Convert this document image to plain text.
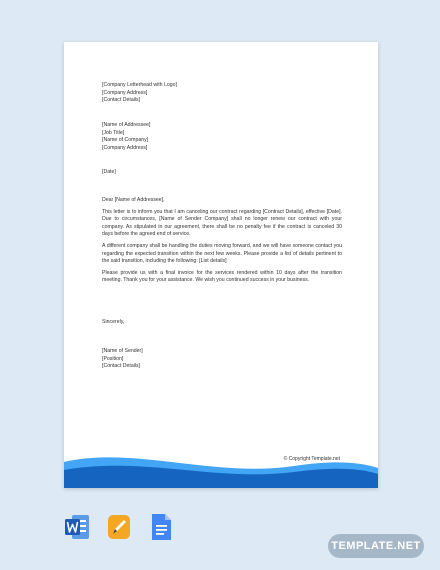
[Company Letterhead with Logo]

[Company Address]

[Contact Details]

[Name of Addressee]

[Job Title]

[Name of Company]

[Company Address]

[Date]

Dear [Name of Addressee],

This letter is to inform you that I am canceling our contract regarding [Contract Details], effective [Date]. Due to circumstances, [Name of Sender Company] shall no longer renew our contract with your company. As stipulated in our agreement, there shall be no penalty fee if the contract is canceled 30 days before the agreed end of service.

A different company shall be handling the duties moving forward, and we will have someone contact you regarding the expected transition within the next few weeks. Please provide a list of details pertinent to the said transition, including the following: [List details]

Please provide us with a final invoice for the services rendered within 10 days after the transition meeting. Thank you for your assistance. We wish you continued success in your business.

Sincerely,

[Name of Sender]

[Position]

[Contact Details]

© Copyright Template.net
TEMPLATE.NET
